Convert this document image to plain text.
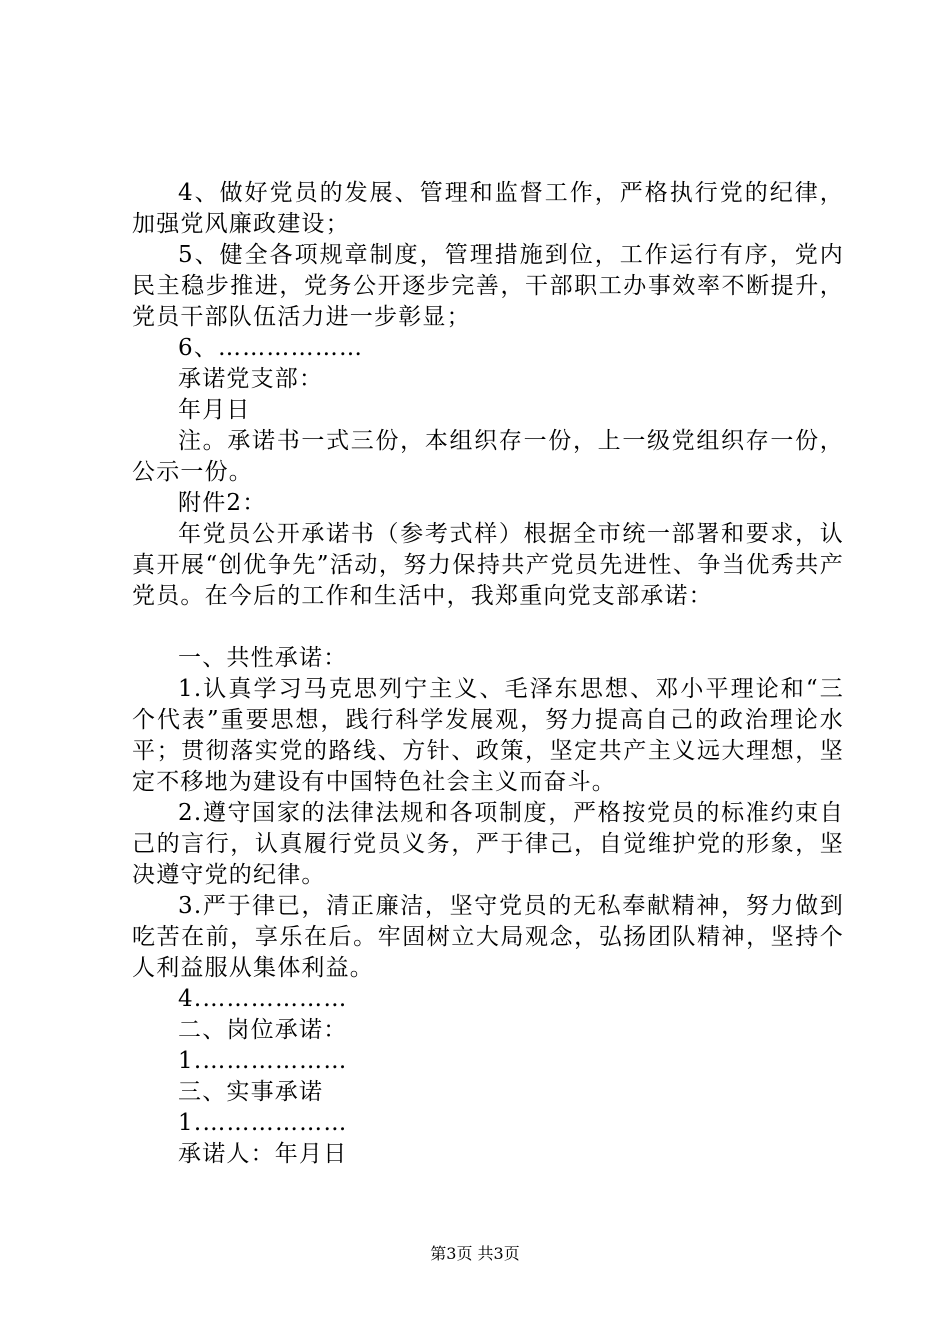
4、做好党员的发展、管理和监督工作，严格执行党的纪律，加强党风廉政建设；

5、健全各项规章制度，管理措施到位，工作运行有序，党内民主稳步推进，党务公开逐步完善，干部职工办事效率不断提升，党员干部队伍活力进一步彰显；

6、………………

承诺党支部：

年月日

注。承诺书一式三份，本组织存一份，上一级党组织存一份，公示一份。

附件2：

年党员公开承诺书（参考式样）根据全市统一部署和要求，认真开展“创优争先”活动，努力保持共产党员先进性、争当优秀共产党员。在今后的工作和生活中，我郑重向党支部承诺：

一、共性承诺：

1.认真学习马克思列宁主义、毛泽东思想、邓小平理论和“三个代表”重要思想，践行科学发展观，努力提高自己的政治理论水平；贯彻落实党的路线、方针、政策，坚定共产主义远大理想，坚定不移地为建设有中国特色社会主义而奋斗。

2.遵守国家的法律法规和各项制度，严格按党员的标准约束自己的言行，认真履行党员义务，严于律己，自觉维护党的形象，坚决遵守党的纪律。

3.严于律已，清正廉洁，坚守党员的无私奉献精神，努力做到吃苦在前，享乐在后。牢固树立大局观念，弘扬团队精神，坚持个人利益服从集体利益。

4.………………

二、岗位承诺：

1.………………

三、实事承诺

1.………………

承诺人：年月日

第3页 共3页
